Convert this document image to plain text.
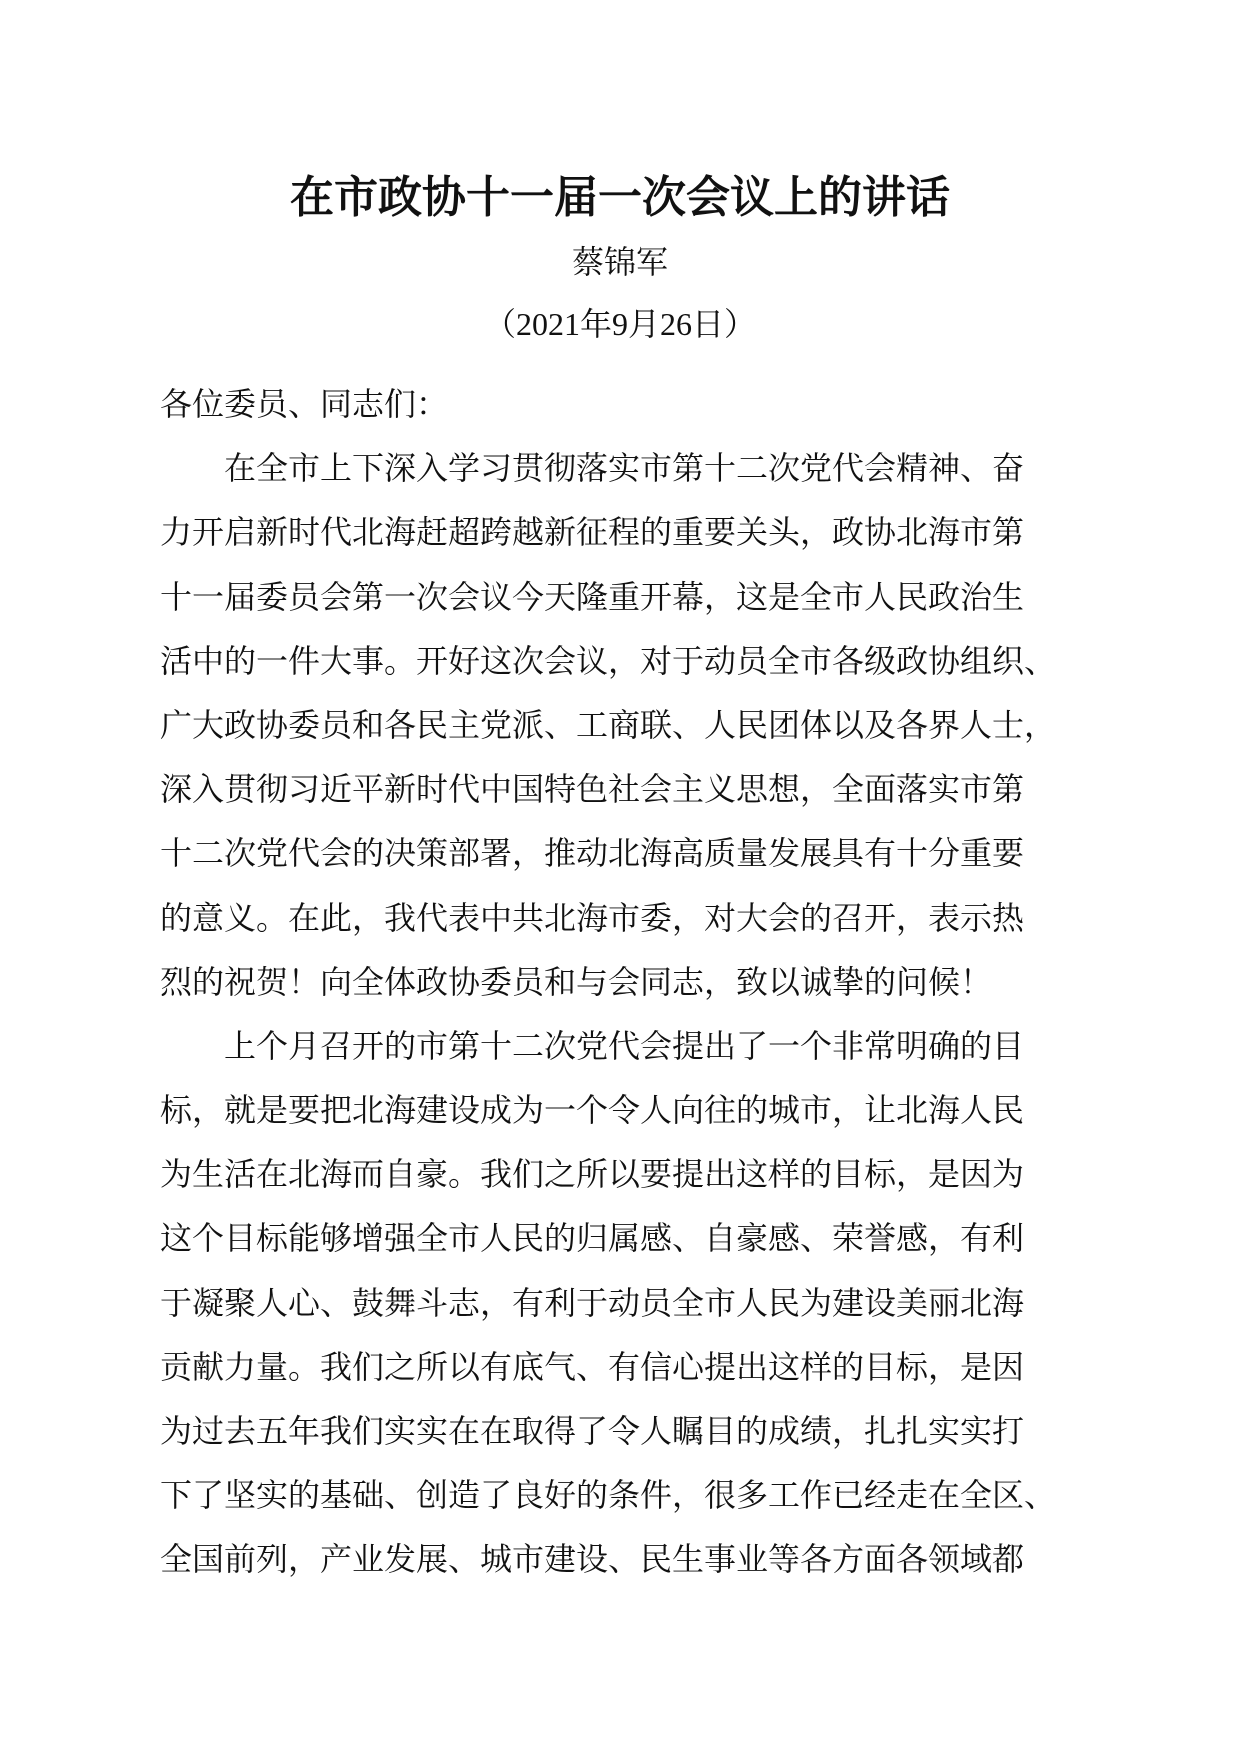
在市政协十一届一次会议上的讲话
蔡锦军
（2021年9月26日）
各位委员、同志们：
在全市上下深入学习贯彻落实市第十二次党代会精神、奋
力开启新时代北海赶超跨越新征程的重要关头，政协北海市第
十一届委员会第一次会议今天隆重开幕，这是全市人民政治生
活中的一件大事。开好这次会议，对于动员全市各级政协组织、
广大政协委员和各民主党派、工商联、人民团体以及各界人士，
深入贯彻习近平新时代中国特色社会主义思想，全面落实市第
十二次党代会的决策部署，推动北海高质量发展具有十分重要
的意义。在此，我代表中共北海市委，对大会的召开，表示热
烈的祝贺！向全体政协委员和与会同志，致以诚挚的问候！
上个月召开的市第十二次党代会提出了一个非常明确的目
标，就是要把北海建设成为一个令人向往的城市，让北海人民
为生活在北海而自豪。我们之所以要提出这样的目标，是因为
这个目标能够增强全市人民的归属感、自豪感、荣誉感，有利
于凝聚人心、鼓舞斗志，有利于动员全市人民为建设美丽北海
贡献力量。我们之所以有底气、有信心提出这样的目标，是因
为过去五年我们实实在在取得了令人瞩目的成绩，扎扎实实打
下了坚实的基础、创造了良好的条件，很多工作已经走在全区、
全国前列，产业发展、城市建设、民生事业等各方面各领域都
